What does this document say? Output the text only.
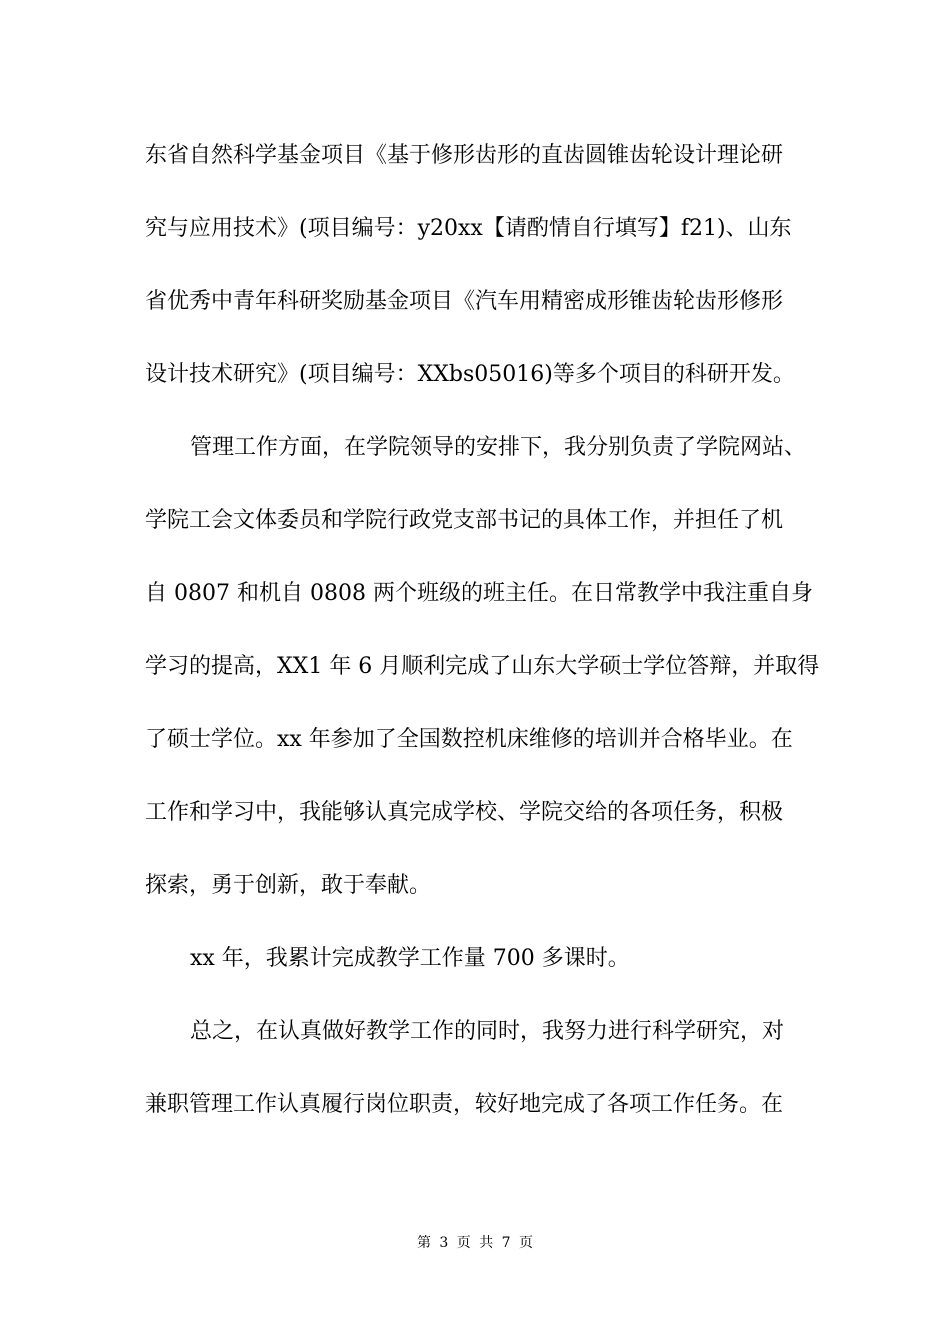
东省自然科学基金项目《基于修形齿形的直齿圆锥齿轮设计理论研
究与应用技术》(项目编号：y20xx【请酌情自行填写】f21)、山东
省优秀中青年科研奖励基金项目《汽车用精密成形锥齿轮齿形修形
设计技术研究》(项目编号：XXbs05016)等多个项目的科研开发。
管理工作方面，在学院领导的安排下，我分别负责了学院网站、
学院工会文体委员和学院行政党支部书记的具体工作，并担任了机
自 0807 和机自 0808 两个班级的班主任。在日常教学中我注重自身
学习的提高，XX1 年 6 月顺利完成了山东大学硕士学位答辩，并取得
了硕士学位。xx 年参加了全国数控机床维修的培训并合格毕业。在
工作和学习中，我能够认真完成学校、学院交给的各项任务，积极
探索，勇于创新，敢于奉献。
xx 年，我累计完成教学工作量 700 多课时。
总之，在认真做好教学工作的同时，我努力进行科学研究，对
兼职管理工作认真履行岗位职责，较好地完成了各项工作任务。在
第 3 页 共 7 页
